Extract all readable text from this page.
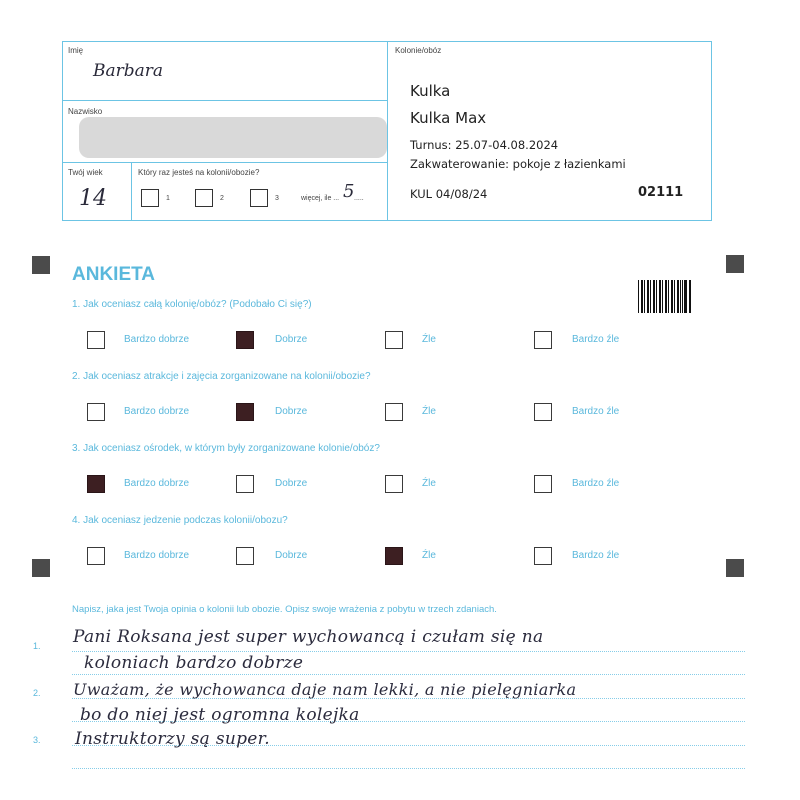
Imię
Barbara
Nazwisko
Twój wiek
14
Który raz jesteś na kolonii/obozie?
1	2	3	więcej, ile ... 5 .....
Kolonie/obóz
Kulka
Kulka Max
Turnus: 25.07-04.08.2024
Zakwaterowanie: pokoje z łazienkami
KUL 04/08/24	02111
ANKIETA
1. Jak oceniasz całą kolonię/obóz? (Podobało Ci się?)
2. Jak oceniasz atrakcje i zajęcia zorganizowane na kolonii/obozie?
3. Jak oceniasz ośrodek, w którym były zorganizowane kolonie/obóz?
4. Jak oceniasz jedzenie podczas kolonii/obozu?
Bardzo dobrze	Dobrze	Źle	Bardzo źle
Bardzo dobrze	Dobrze	Źle	Bardzo źle
Bardzo dobrze	Dobrze	Źle	Bardzo źle
Bardzo dobrze	Dobrze	Źle	Bardzo źle
Napisz, jaka jest Twoja opinia o kolonii lub obozie. Opisz swoje wrażenia z pobytu w trzech zdaniach.
1.
2.
3.
Pani Roksana jest super wychowancą i czułam się na
koloniach bardzo dobrze
Uważam, że wychowanca daje nam lekki, a nie pielęgniarka
bo do niej jest ogromna kolejka
Instruktorzy są super.
